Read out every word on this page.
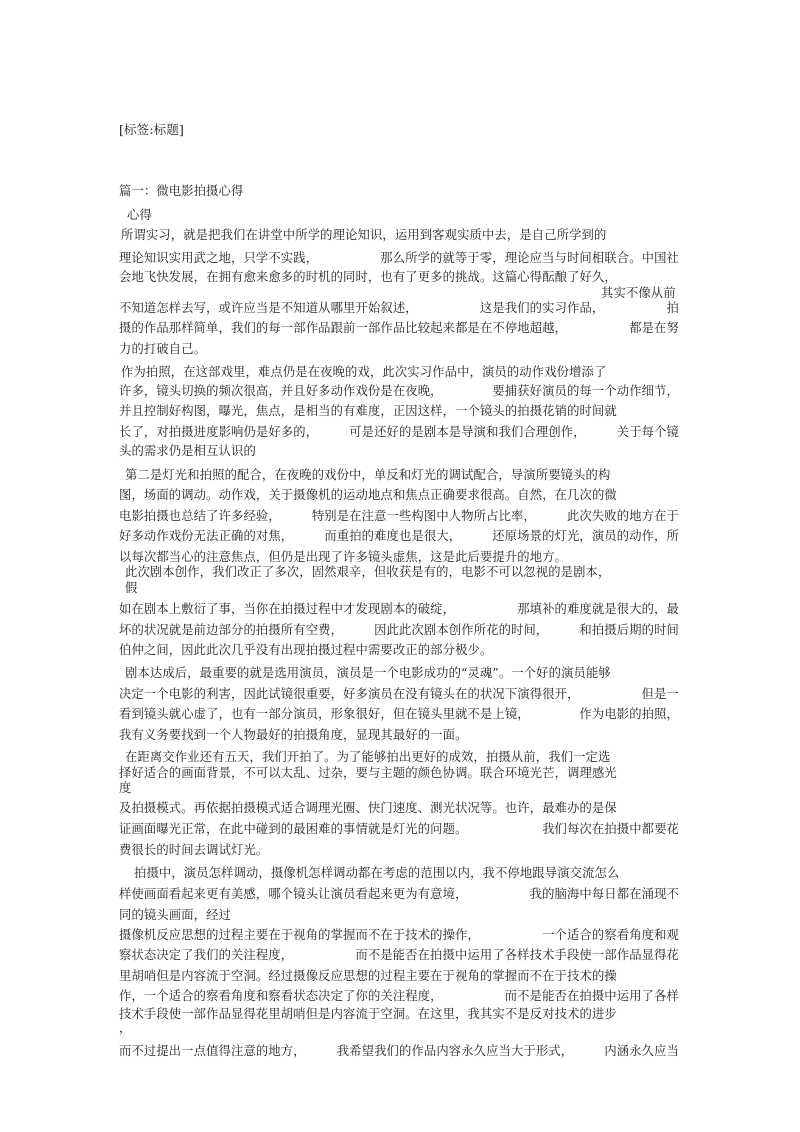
[标签:标题]
篇一：微电影拍摄心得
心得
所谓实习，就是把我们在讲堂中所学的理论知识，运用到客观实质中去，是自己所学到的
理论知识实用武之地，只学不实践，	那么所学的就等于零，理论应当与时间相联合。中国社
会地飞快发展，在拥有愈来愈多的时机的同时，也有了更多的挑战。这篇心得酝酿了好久，
其实不像从前
不知道怎样去写，或许应当是不知道从哪里开始叙述，	这是我们的实习作品，	拍
摄的作品那样简单，我们的每一部作品跟前一部作品比较起来都是在不停地超越，	都是在努
力的打破自己。
作为拍照，在这部戏里，难点仍是在夜晚的戏，此次实习作品中，演员的动作戏份增添了
许多，镜头切换的频次很高，并且好多动作戏份是在夜晚，	要捕获好演员的每一个动作细节，
并且控制好构图，曝光，焦点，是相当的有难度，正因这样，一个镜头的拍摄花销的时间就
长了，对拍摄进度影响仍是好多的，	可是还好的是剧本是导演和我们合理创作，	关于每个镜
头的需求仍是相互认识的
第二是灯光和拍照的配合，在夜晚的戏份中，单反和灯光的调试配合，导演所要镜头的构
图，场面的调动。动作戏，关于摄像机的运动地点和焦点正确要求很高。自然，在几次的微
电影拍摄也总结了许多经验，	特别是在注意一些构图中人物所占比率，	此次失败的地方在于
好多动作戏份无法正确的对焦，	而重拍的难度也是很大，	还原场景的灯光，演员的动作，所
以每次都当心的注意焦点，但仍是出现了许多镜头虚焦，这是此后要提升的地方。
此次剧本创作，我们改正了多次，固然艰辛，但收获是有的，电影不可以忽视的是剧本，
假
如在剧本上敷衍了事，当你在拍摄过程中才发现剧本的破绽，	那填补的难度就是很大的，最
坏的状况就是前边部分的拍摄所有空费，	因此此次剧本创作所花的时间，	和拍摄后期的时间
伯仲之间，因此此次几乎没有出现拍摄过程中需要改正的部分极少。
剧本达成后，最重要的就是选用演员，演员是一个电影成功的“灵魂”。一个好的演员能够
决定一个电影的利害，因此试镜很重要，好多演员在没有镜头在的状况下演得很开，	但是一
看到镜头就心虚了，也有一部分演员，形象很好，但在镜头里就不是上镜，	作为电影的拍照，
我有义务要找到一个人物最好的拍摄角度，显现其最好的一面。
在距离交作业还有五天，我们开拍了。为了能够拍出更好的成效，拍摄从前，我们一定选
择好适合的画面背景，不可以太乱、过杂，要与主题的颜色协调。联合环境光芒，调理感光
度
及拍摄模式。再依据拍摄模式适合调理光圈、快门速度、测光状况等。也许，最难办的是保
证画面曝光正常，在此中碰到的最困难的事情就是灯光的问题。	我们每次在拍摄中都要花
费很长的时间去调试灯光。
拍摄中，演员怎样调动，摄像机怎样调动都在考虑的范围以内，我不停地跟导演交流怎么
样使画面看起来更有美感，哪个镜头让演员看起来更为有意境，	我的脑海中每日都在涌现不
同的镜头画面，经过
摄像机反应思想的过程主要在于视角的掌握而不在于技术的操作，	一个适合的察看角度和观
察状态决定了我们的关注程度，	而不是能否在拍摄中运用了各样技术手段使一部作品显得花
里胡哨但是内容流于空洞。经过摄像反应思想的过程主要在于视角的掌握而不在于技术的操
作，一个适合的察看角度和察看状态决定了你的关注程度，	而不是能否在拍摄中运用了各样
技术手段使一部作品显得花里胡哨但是内容流于空洞。在这里，我其实不是反对技术的进步
，
而不过提出一点值得注意的地方，	我希望我们的作品内容永久应当大于形式，	内涵永久应当
